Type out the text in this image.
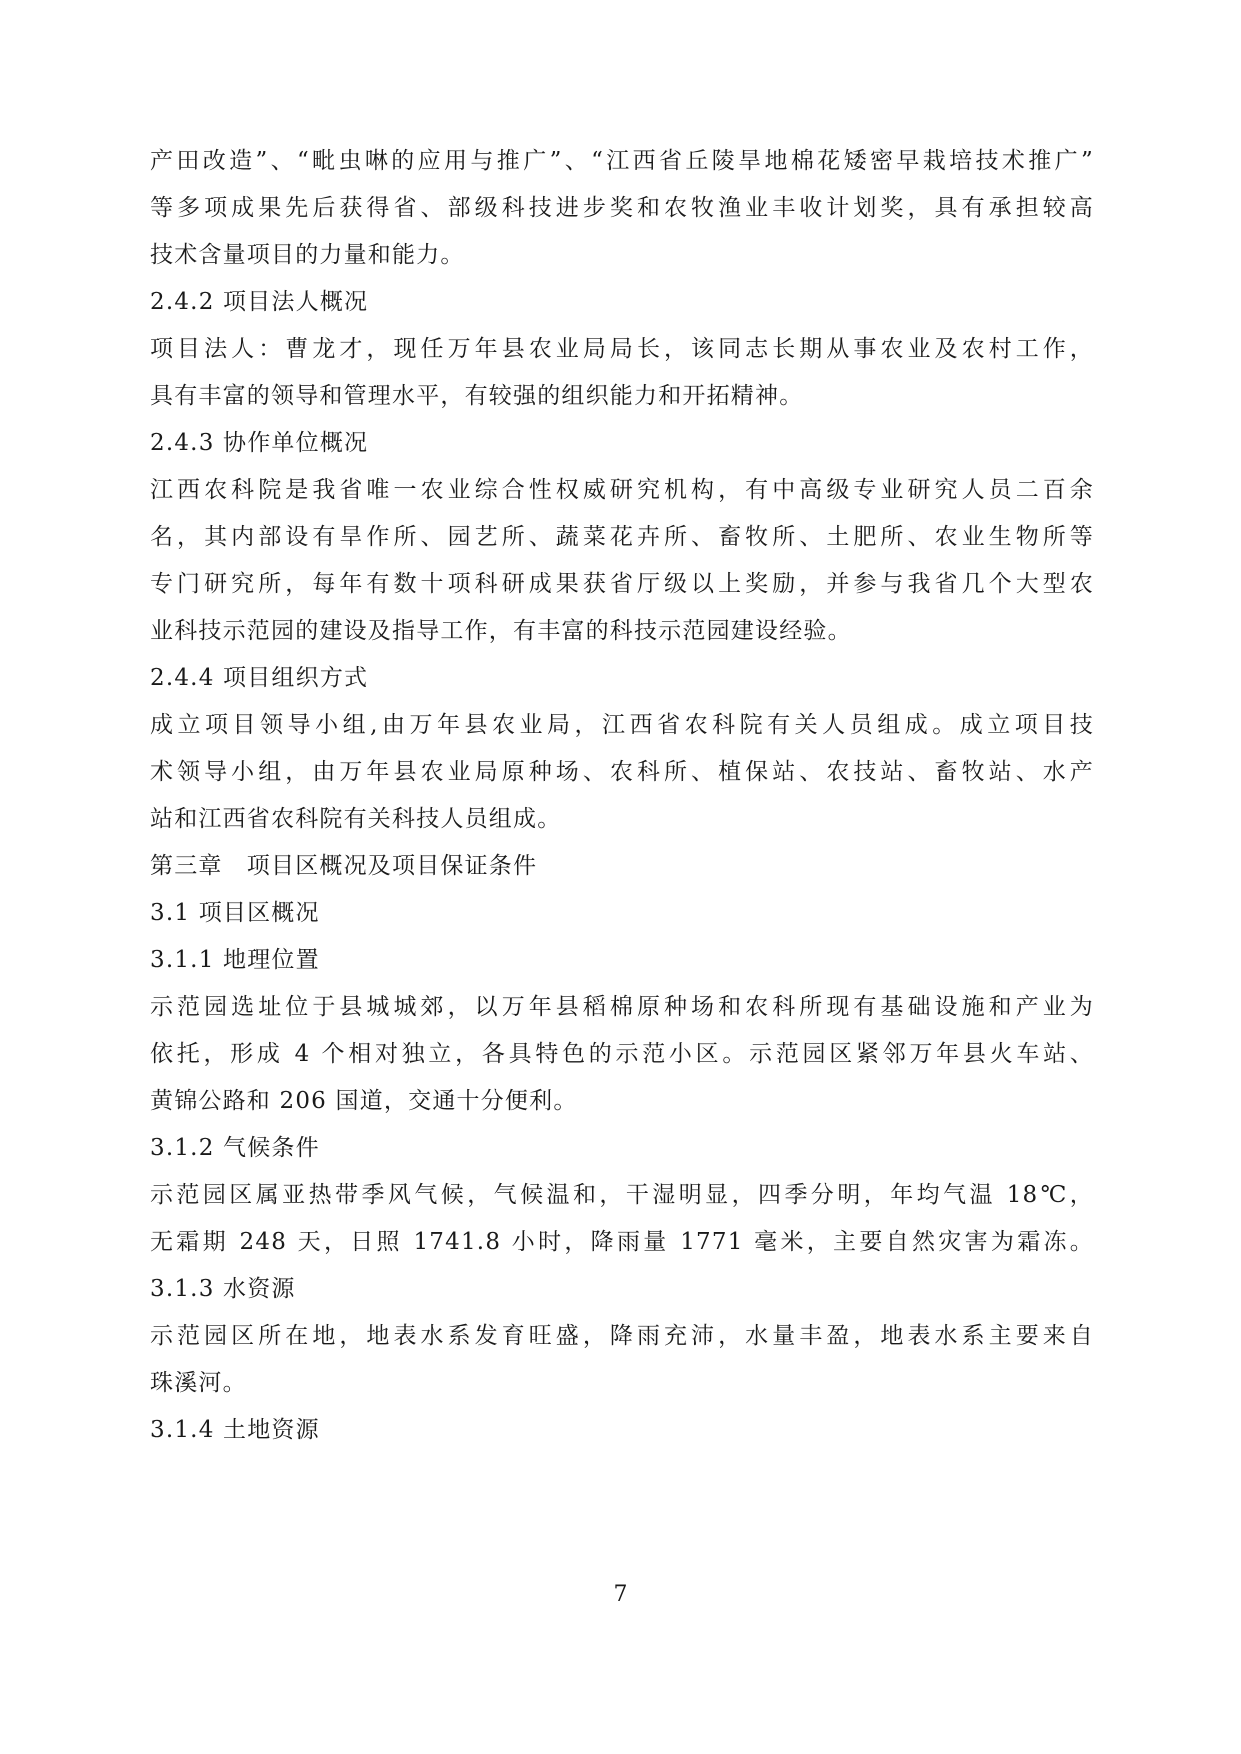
产田改造”、“毗虫啉的应用与推广”、“江西省丘陵旱地棉花矮密早栽培技术推广”
等多项成果先后获得省、部级科技进步奖和农牧渔业丰收计划奖，具有承担较高
技术含量项目的力量和能力。
2.4.2 项目法人概况
项目法人：曹龙才，现任万年县农业局局长，该同志长期从事农业及农村工作，
具有丰富的领导和管理水平，有较强的组织能力和开拓精神。
2.4.3 协作单位概况
江西农科院是我省唯一农业综合性权威研究机构，有中高级专业研究人员二百余
名，其内部设有旱作所、园艺所、蔬菜花卉所、畜牧所、土肥所、农业生物所等
专门研究所，每年有数十项科研成果获省厅级以上奖励，并参与我省几个大型农
业科技示范园的建设及指导工作，有丰富的科技示范园建设经验。
2.4.4 项目组织方式
成立项目领导小组,由万年县农业局，江西省农科院有关人员组成。成立项目技
术领导小组，由万年县农业局原种场、农科所、植保站、农技站、畜牧站、水产
站和江西省农科院有关科技人员组成。
第三章　项目区概况及项目保证条件
3.1 项目区概况
3.1.1 地理位置
示范园选址位于县城城郊，以万年县稻棉原种场和农科所现有基础设施和产业为
依托，形成 4 个相对独立，各具特色的示范小区。示范园区紧邻万年县火车站、
黄锦公路和 206 国道，交通十分便利。
3.1.2 气候条件
示范园区属亚热带季风气候，气候温和，干湿明显，四季分明，年均气温 18℃，
无霜期 248 天，日照 1741.8 小时，降雨量 1771 毫米，主要自然灾害为霜冻。
3.1.3 水资源
示范园区所在地，地表水系发育旺盛，降雨充沛，水量丰盈，地表水系主要来自
珠溪河。
3.1.4 土地资源
7
